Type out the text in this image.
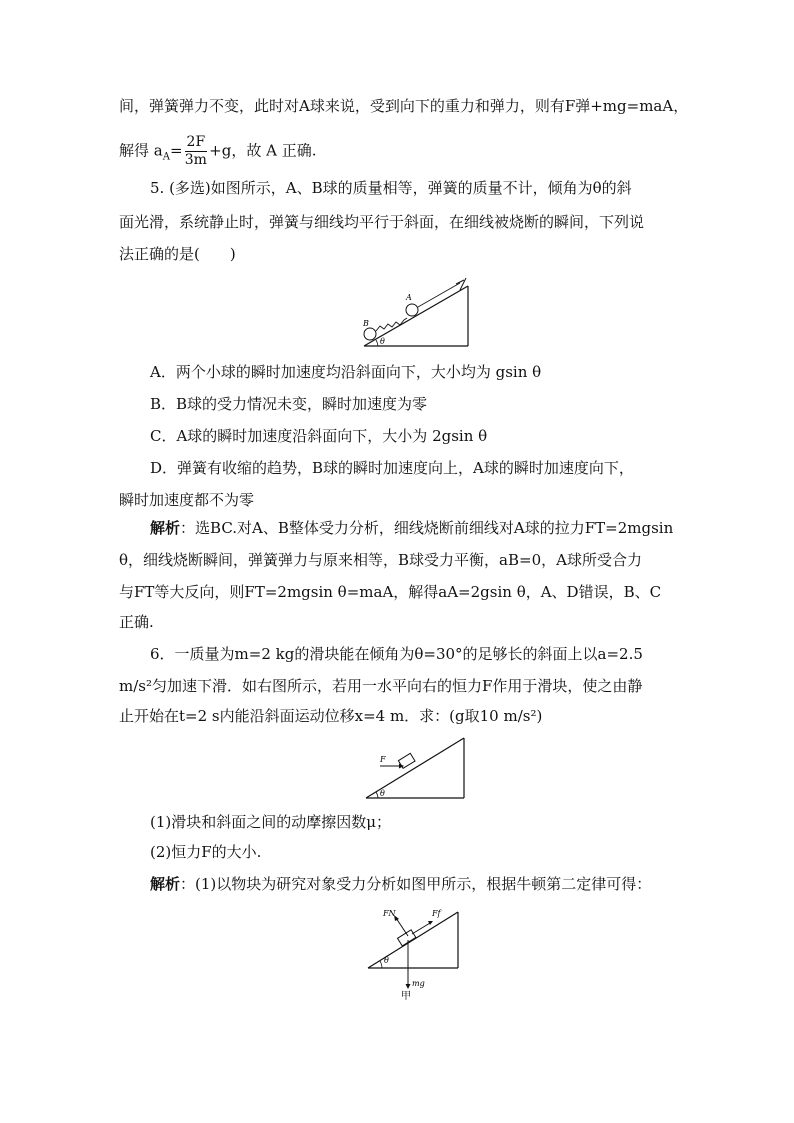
间，弹簧弹力不变，此时对A球来说，受到向下的重力和弹力，则有F弹+mg=maA，
解得 $a_A= \frac{2F}{3m} +g$，故 A 正确.
5. (多选)如图所示，A、B球的质量相等，弹簧的质量不计，倾角为θ的斜
面光滑，系统静止时，弹簧与细线均平行于斜面，在细线被烧断的瞬间，下列说
法正确的是(　　)
θ
B
A
A．两个小球的瞬时加速度均沿斜面向下，大小均为 gsin θ
B．B球的受力情况未变，瞬时加速度为零
C．A球的瞬时加速度沿斜面向下，大小为 2gsin θ
D．弹簧有收缩的趋势，B球的瞬时加速度向上，A球的瞬时加速度向下，
瞬时加速度都不为零
解析：选BC.对A、B整体受力分析，细线烧断前细线对A球的拉力FT=2mgsin
θ，细线烧断瞬间，弹簧弹力与原来相等，B球受力平衡，aB=0，A球所受合力
与FT等大反向，则FT=2mgsin θ=maA，解得aA=2gsin θ，A、D错误，B、C
正确.
6．一质量为m=2 kg的滑块能在倾角为θ=30°的足够长的斜面上以a=2.5
m/s²匀加速下滑．如右图所示，若用一水平向右的恒力F作用于滑块，使之由静
止开始在t=2 s内能沿斜面运动位移x=4 m．求：(g取10 m/s²)
F
θ
(1)滑块和斜面之间的动摩擦因数μ；
(2)恒力F的大小.
解析：(1)以物块为研究对象受力分析如图甲所示，根据牛顿第二定律可得：
θ
FN	Ff
mg
甲
